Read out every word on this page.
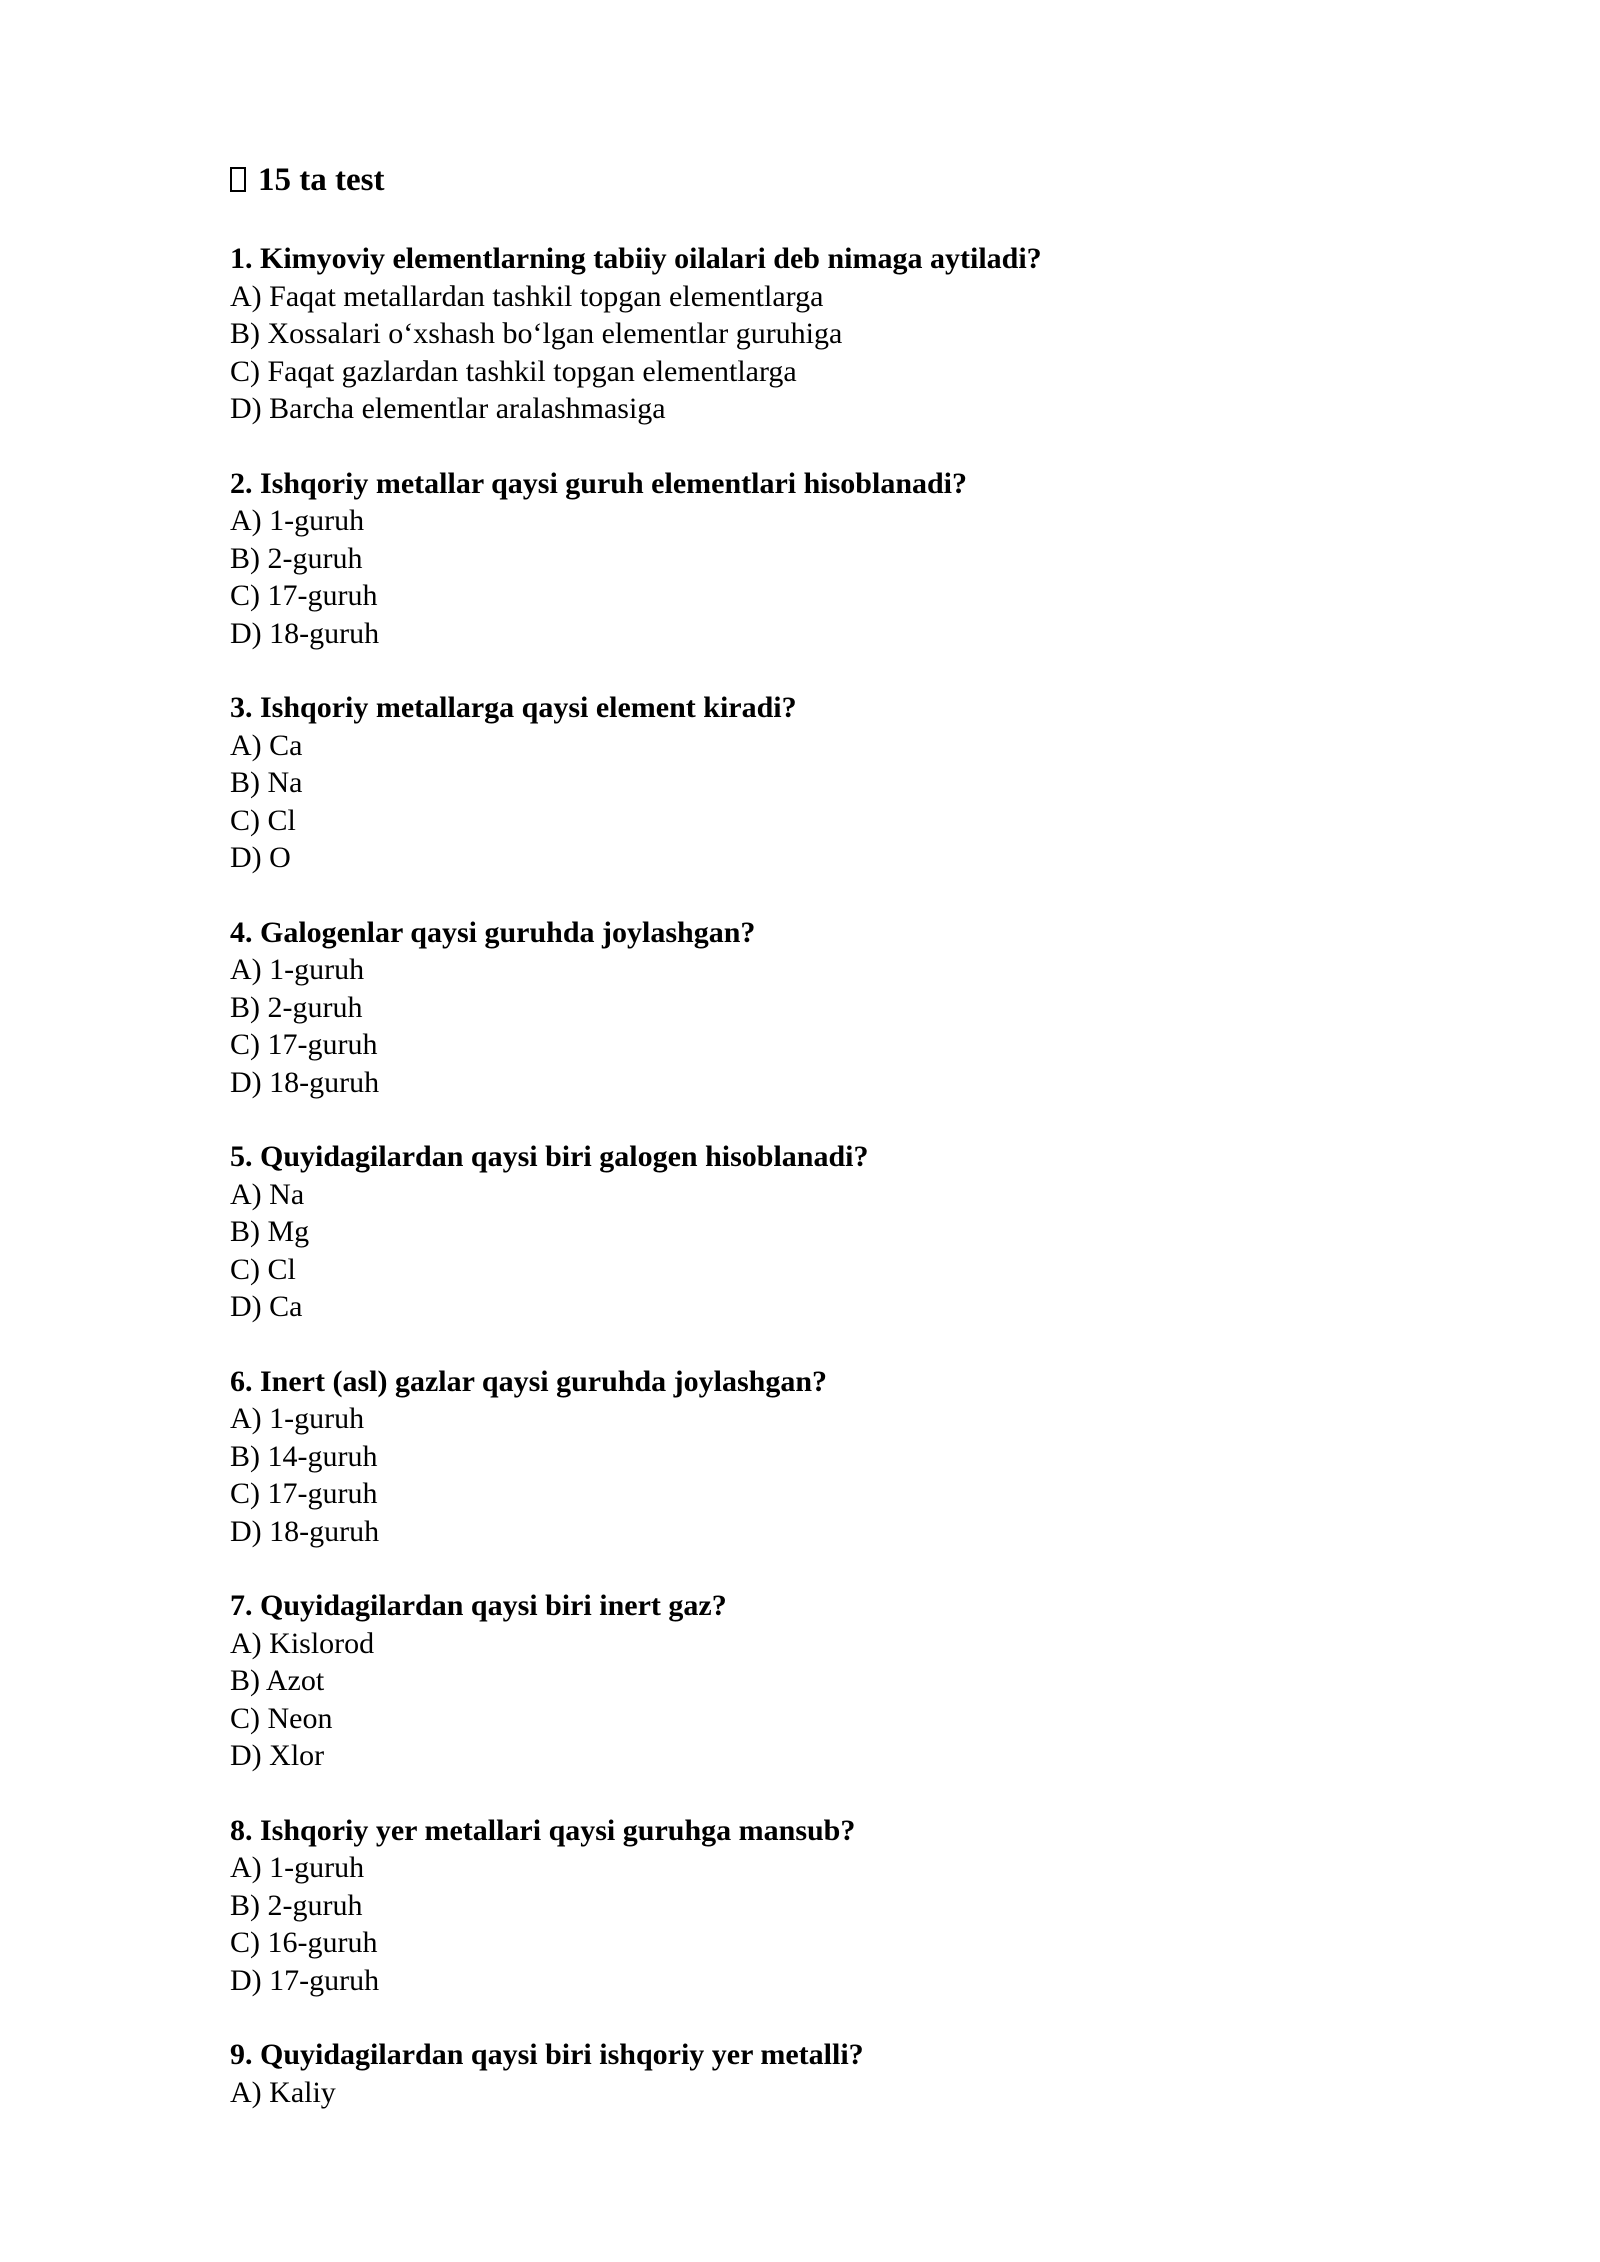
15 ta test
1. Kimyoviy elementlarning tabiiy oilalari deb nimaga aytiladi?
A) Faqat metallardan tashkil topgan elementlarga
B) Xossalari o‘xshash bo‘lgan elementlar guruhiga
C) Faqat gazlardan tashkil topgan elementlarga
D) Barcha elementlar aralashmasiga
2. Ishqoriy metallar qaysi guruh elementlari hisoblanadi?
A) 1-guruh
B) 2-guruh
C) 17-guruh
D) 18-guruh
3. Ishqoriy metallarga qaysi element kiradi?
A) Ca
B) Na
C) Cl
D) O
4. Galogenlar qaysi guruhda joylashgan?
A) 1-guruh
B) 2-guruh
C) 17-guruh
D) 18-guruh
5. Quyidagilardan qaysi biri galogen hisoblanadi?
A) Na
B) Mg
C) Cl
D) Ca
6. Inert (asl) gazlar qaysi guruhda joylashgan?
A) 1-guruh
B) 14-guruh
C) 17-guruh
D) 18-guruh
7. Quyidagilardan qaysi biri inert gaz?
A) Kislorod
B) Azot
C) Neon
D) Xlor
8. Ishqoriy yer metallari qaysi guruhga mansub?
A) 1-guruh
B) 2-guruh
C) 16-guruh
D) 17-guruh
9. Quyidagilardan qaysi biri ishqoriy yer metalli?
A) Kaliy
